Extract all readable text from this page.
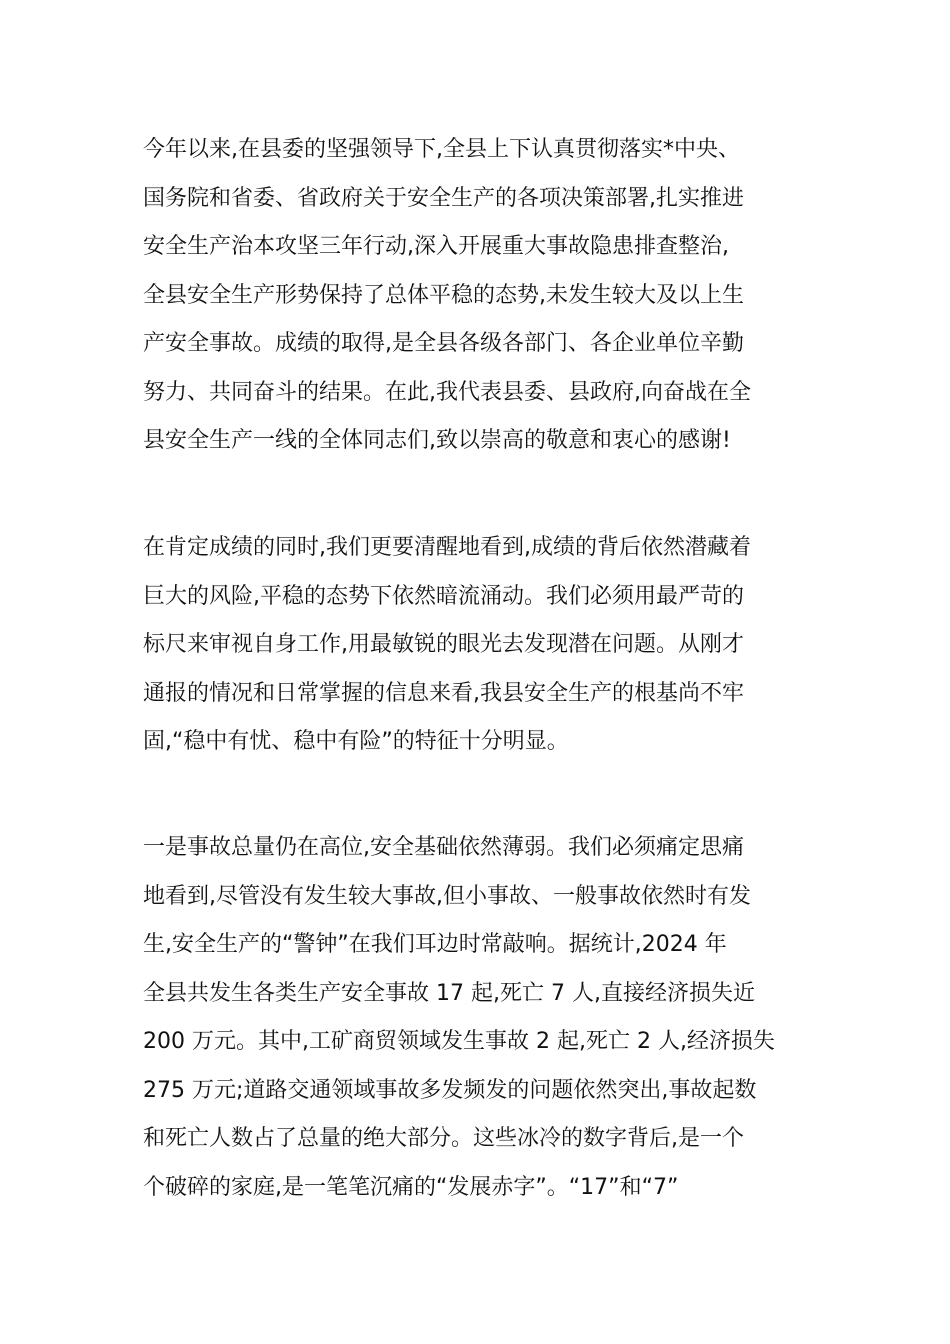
今年以来,在县委的坚强领导下,全县上下认真贯彻落实*中央、
国务院和省委、省政府关于安全生产的各项决策部署,扎实推进
安全生产治本攻坚三年行动,深入开展重大事故隐患排查整治,
全县安全生产形势保持了总体平稳的态势,未发生较大及以上生
产安全事故。成绩的取得,是全县各级各部门、各企业单位辛勤
努力、共同奋斗的结果。在此,我代表县委、县政府,向奋战在全
县安全生产一线的全体同志们,致以崇高的敬意和衷心的感谢!
在肯定成绩的同时,我们更要清醒地看到,成绩的背后依然潜藏着
巨大的风险,平稳的态势下依然暗流涌动。我们必须用最严苛的
标尺来审视自身工作,用最敏锐的眼光去发现潜在问题。从刚才
通报的情况和日常掌握的信息来看,我县安全生产的根基尚不牢
固,“稳中有忧、稳中有险”的特征十分明显。
一是事故总量仍在高位,安全基础依然薄弱。我们必须痛定思痛
地看到,尽管没有发生较大事故,但小事故、一般事故依然时有发
生,安全生产的“警钟”在我们耳边时常敲响。据统计,2024 年
全县共发生各类生产安全事故 17 起,死亡 7 人,直接经济损失近
200 万元。其中,工矿商贸领域发生事故 2 起,死亡 2 人,经济损失
275 万元;道路交通领域事故多发频发的问题依然突出,事故起数
和死亡人数占了总量的绝大部分。这些冰冷的数字背后,是一个
个破碎的家庭,是一笔笔沉痛的“发展赤字”。“17”和“7”
